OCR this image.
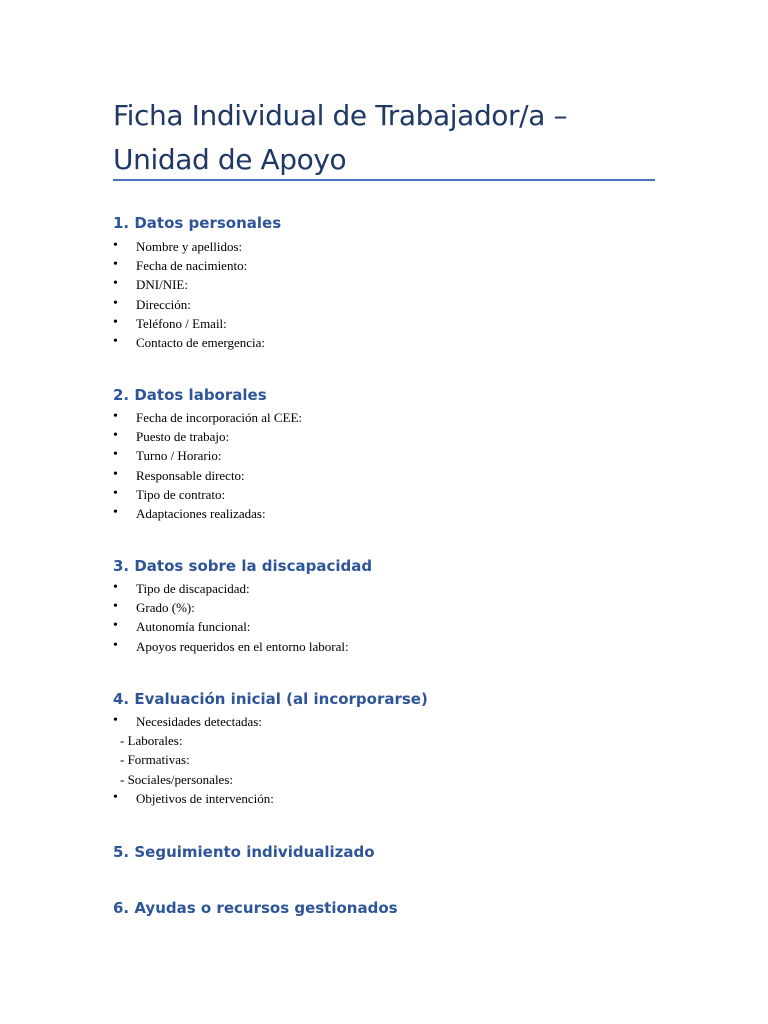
Ficha Individual de Trabajador/a –
Unidad de Apoyo
1. Datos personales
•	Nombre y apellidos:
•	Fecha de nacimiento:
•	DNI/NIE:
•	Dirección:
•	Teléfono / Email:
•	Contacto de emergencia:
2. Datos laborales
•	Fecha de incorporación al CEE:
•	Puesto de trabajo:
•	Turno / Horario:
•	Responsable directo:
•	Tipo de contrato:
•	Adaptaciones realizadas:
3. Datos sobre la discapacidad
•	Tipo de discapacidad:
•	Grado (%):
•	Autonomía funcional:
•	Apoyos requeridos en el entorno laboral:
4. Evaluación inicial (al incorporarse)
•	Necesidades detectadas:
- Laborales:
- Formativas:
- Sociales/personales:
•	Objetivos de intervención:
5. Seguimiento individualizado
6. Ayudas o recursos gestionados
